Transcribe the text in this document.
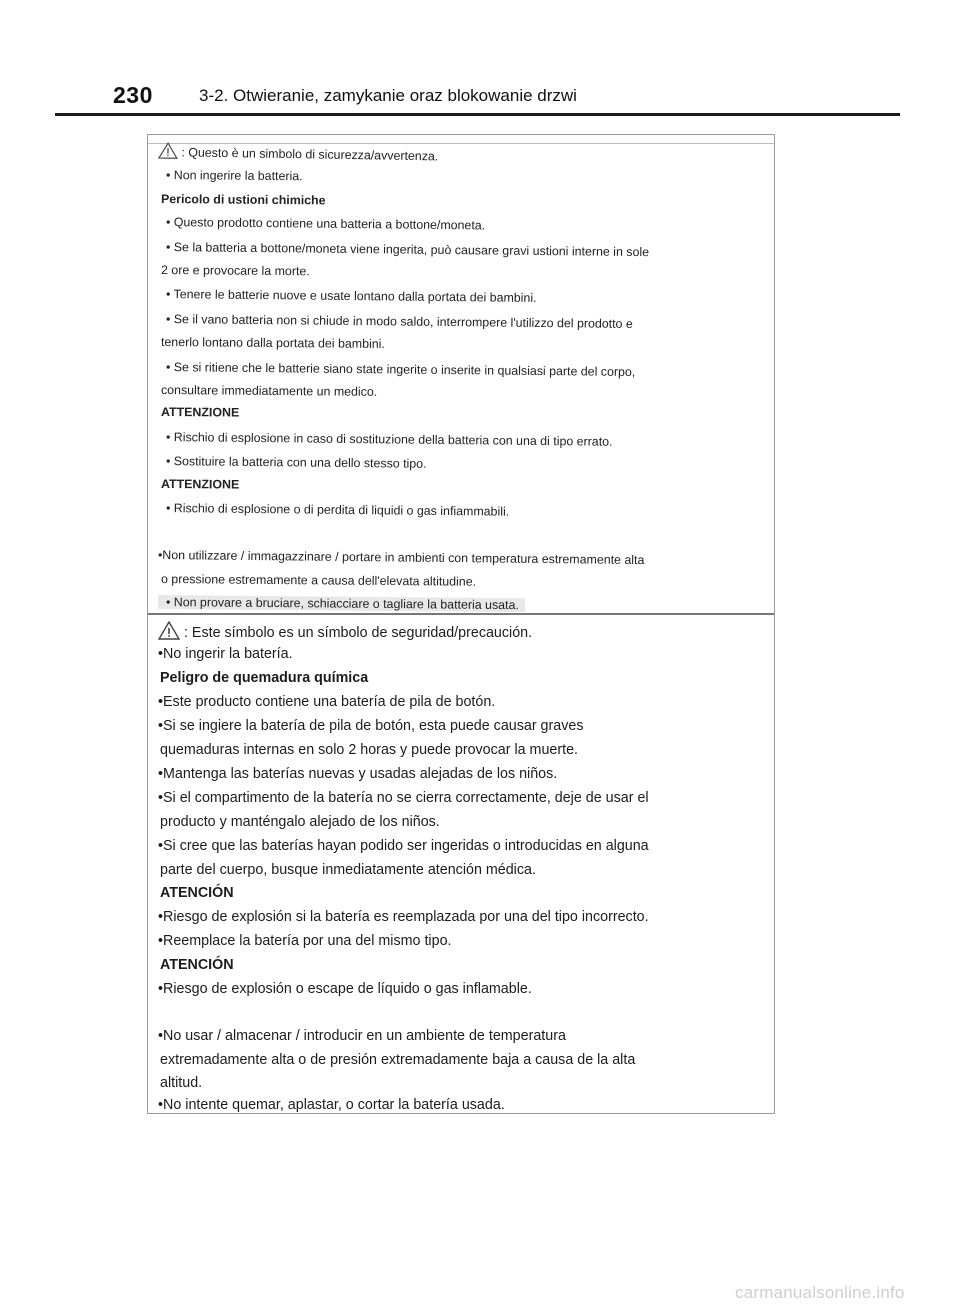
230	3-2. Otwieranie, zamykanie oraz blokowanie drzwi
: Questo è un simbolo di sicurezza/avvertenza.
• Non ingerire la batteria.
Pericolo di ustioni chimiche
• Questo prodotto contiene una batteria a bottone/moneta.
• Se la batteria a bottone/moneta viene ingerita, può causare gravi ustioni interne in sole
2 ore e provocare la morte.
• Tenere le batterie nuove e usate lontano dalla portata dei bambini.
• Se il vano batteria non si chiude in modo saldo, interrompere l'utilizzo del prodotto e
tenerlo lontano dalla portata dei bambini.
• Se si ritiene che le batterie siano state ingerite o inserite in qualsiasi parte del corpo,
consultare immediatamente un medico.
ATTENZIONE
• Rischio di esplosione in caso di sostituzione della batteria con una di tipo errato.
• Sostituire la batteria con una dello stesso tipo.
ATTENZIONE
• Rischio di esplosione o di perdita di liquidi o gas infiammabili.
•Non utilizzare / immagazzinare / portare in ambienti con temperatura estremamente alta
o pressione estremamente a causa dell'elevata altitudine.
• Non provare a bruciare, schiacciare o tagliare la batteria usata.
: Este símbolo es un símbolo de seguridad/precaución.
•No ingerir la batería.
Peligro de quemadura química
•Este producto contiene una batería de pila de botón.
•Si se ingiere la batería de pila de botón, esta puede causar graves
quemaduras internas en solo 2 horas y puede provocar la muerte.
•Mantenga las baterías nuevas y usadas alejadas de los niños.
•Si el compartimento de la batería no se cierra correctamente, deje de usar el
producto y manténgalo alejado de los niños.
•Si cree que las baterías hayan podido ser ingeridas o introducidas en alguna
parte del cuerpo, busque inmediatamente atención médica.
ATENCIÓN
•Riesgo de explosión si la batería es reemplazada por una del tipo incorrecto.
•Reemplace la batería por una del mismo tipo.
ATENCIÓN
•Riesgo de explosión o escape de líquido o gas inflamable.
•No usar / almacenar / introducir en un ambiente de temperatura
extremadamente alta o de presión extremadamente baja a causa de la alta
altitud.
•No intente quemar, aplastar, o cortar la batería usada.
carmanualsonline.info
